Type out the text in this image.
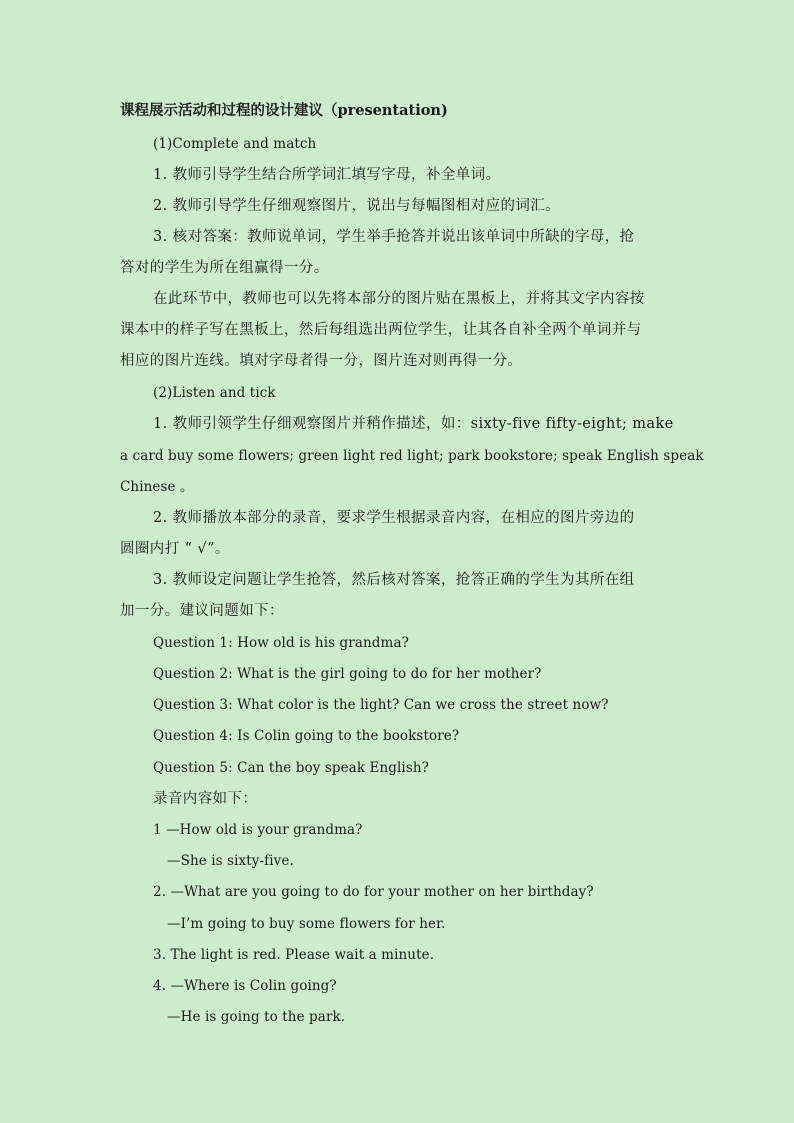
课程展示活动和过程的设计建议（presentation)
(1)Complete and match
1. 教师引导学生结合所学词汇填写字母，补全单词。
2. 教师引导学生仔细观察图片，说出与每幅图相对应的词汇。
3. 核对答案：教师说单词，学生举手抢答并说出该单词中所缺的字母，抢
答对的学生为所在组赢得一分。
在此环节中，教师也可以先将本部分的图片贴在黑板上，并将其文字内容按
课本中的样子写在黑板上，然后每组选出两位学生，让其各自补全两个单词并与
相应的图片连线。填对字母者得一分，图片连对则再得一分。
(2)Listen and tick
1. 教师引领学生仔细观察图片并稍作描述，如：sixty-five fifty-eight; make
a card buy some flowers; green light red light; park bookstore; speak English speak
Chinese 。
2. 教师播放本部分的录音，要求学生根据录音内容，在相应的图片旁边的
圆圈内打 “ √”。
3. 教师设定问题让学生抢答，然后核对答案，抢答正确的学生为其所在组
加一分。建议问题如下：
Question 1: How old is his grandma?
Question 2: What is the girl going to do for her mother?
Question 3: What color is the light? Can we cross the street now?
Question 4: Is Colin going to the bookstore?
Question 5: Can the boy speak English?
录音内容如下：
1 —How old is your grandma?
—She is sixty-five.
2. —What are you going to do for your mother on her birthday?
—I’m going to buy some flowers for her.
3. The light is red. Please wait a minute.
4. —Where is Colin going?
—He is going to the park.
